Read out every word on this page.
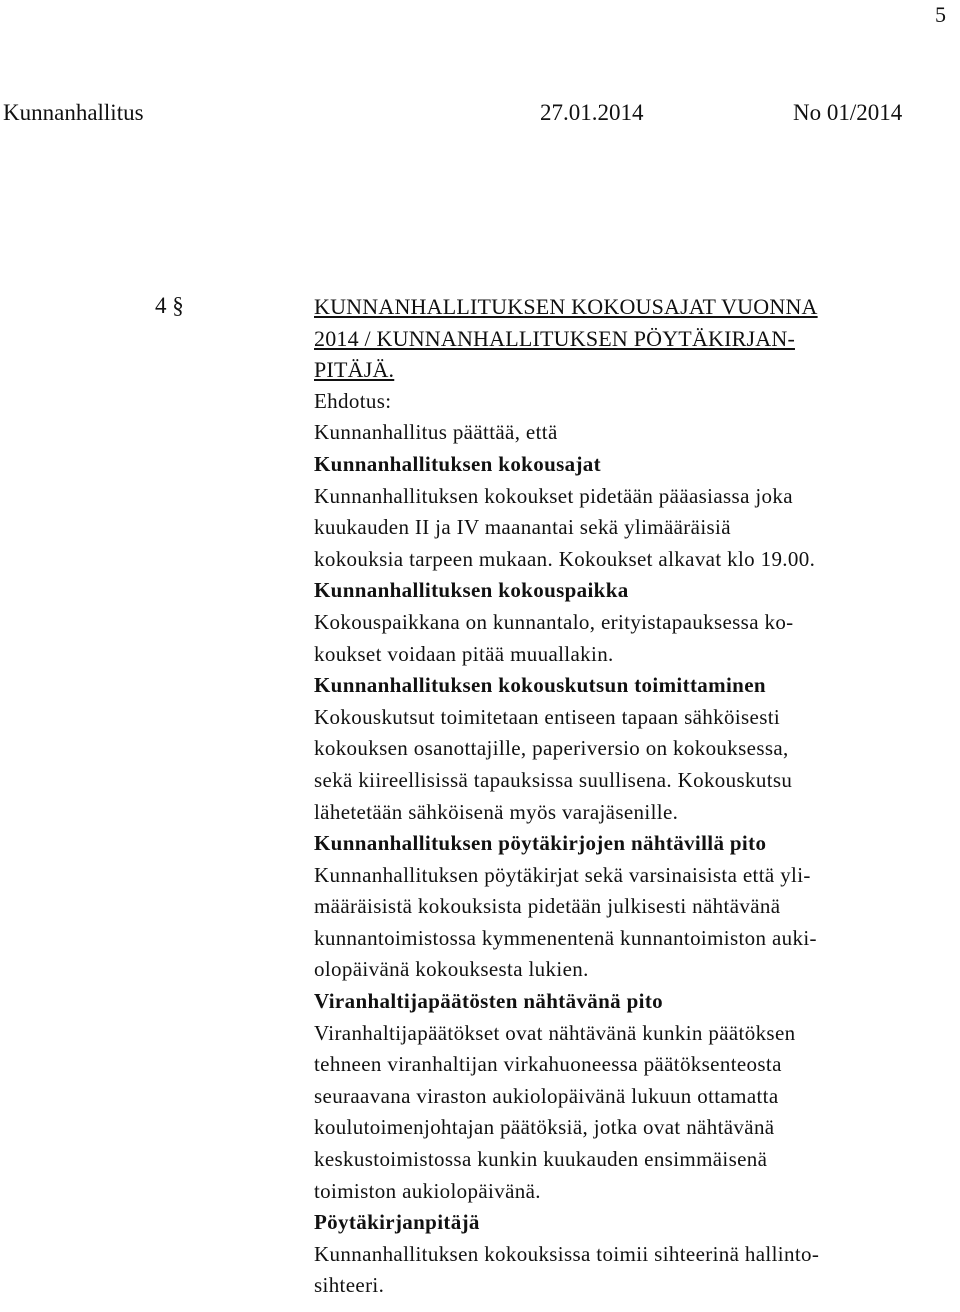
5
Kunnanhallitus	27.01.2014	No 01/2014
4 §	KUNNANHALLITUKSEN KOKOUSAJAT VUONNA
2014 / KUNNANHALLITUKSEN PÖYTÄKIRJAN-
PITÄJÄ.
Ehdotus:
Kunnanhallitus päättää, että
Kunnanhallituksen kokousajat
Kunnanhallituksen kokoukset pidetään pääasiassa joka
kuukauden II ja IV maanantai sekä ylimääräisiä
kokouksia tarpeen mukaan. Kokoukset alkavat klo 19.00.
Kunnanhallituksen kokouspaikka
Kokouspaikkana on kunnantalo, erityistapauksessa ko-
koukset voidaan pitää muuallakin.
Kunnanhallituksen kokouskutsun toimittaminen
Kokouskutsut toimitetaan entiseen tapaan sähköisesti
kokouksen osanottajille, paperiversio on kokouksessa,
sekä kiireellisissä tapauksissa suullisena. Kokouskutsu
lähetetään sähköisenä myös varajäsenille.
Kunnanhallituksen pöytäkirjojen nähtävillä pito
Kunnanhallituksen pöytäkirjat sekä varsinaisista että yli-
määräisistä kokouksista pidetään julkisesti nähtävänä
kunnantoimistossa kymmenentenä kunnantoimiston auki-
olopäivänä kokouksesta lukien.
Viranhaltijapäätösten nähtävänä pito
Viranhaltijapäätökset ovat nähtävänä kunkin päätöksen
tehneen viranhaltijan virkahuoneessa päätöksenteosta
seuraavana viraston aukiolopäivänä lukuun ottamatta
koulutoimenjohtajan päätöksiä, jotka ovat nähtävänä
keskustoimistossa kunkin kuukauden ensimmäisenä
toimiston aukiolopäivänä.
Pöytäkirjanpitäjä
Kunnanhallituksen kokouksissa toimii sihteerinä hallinto-
sihteeri.
